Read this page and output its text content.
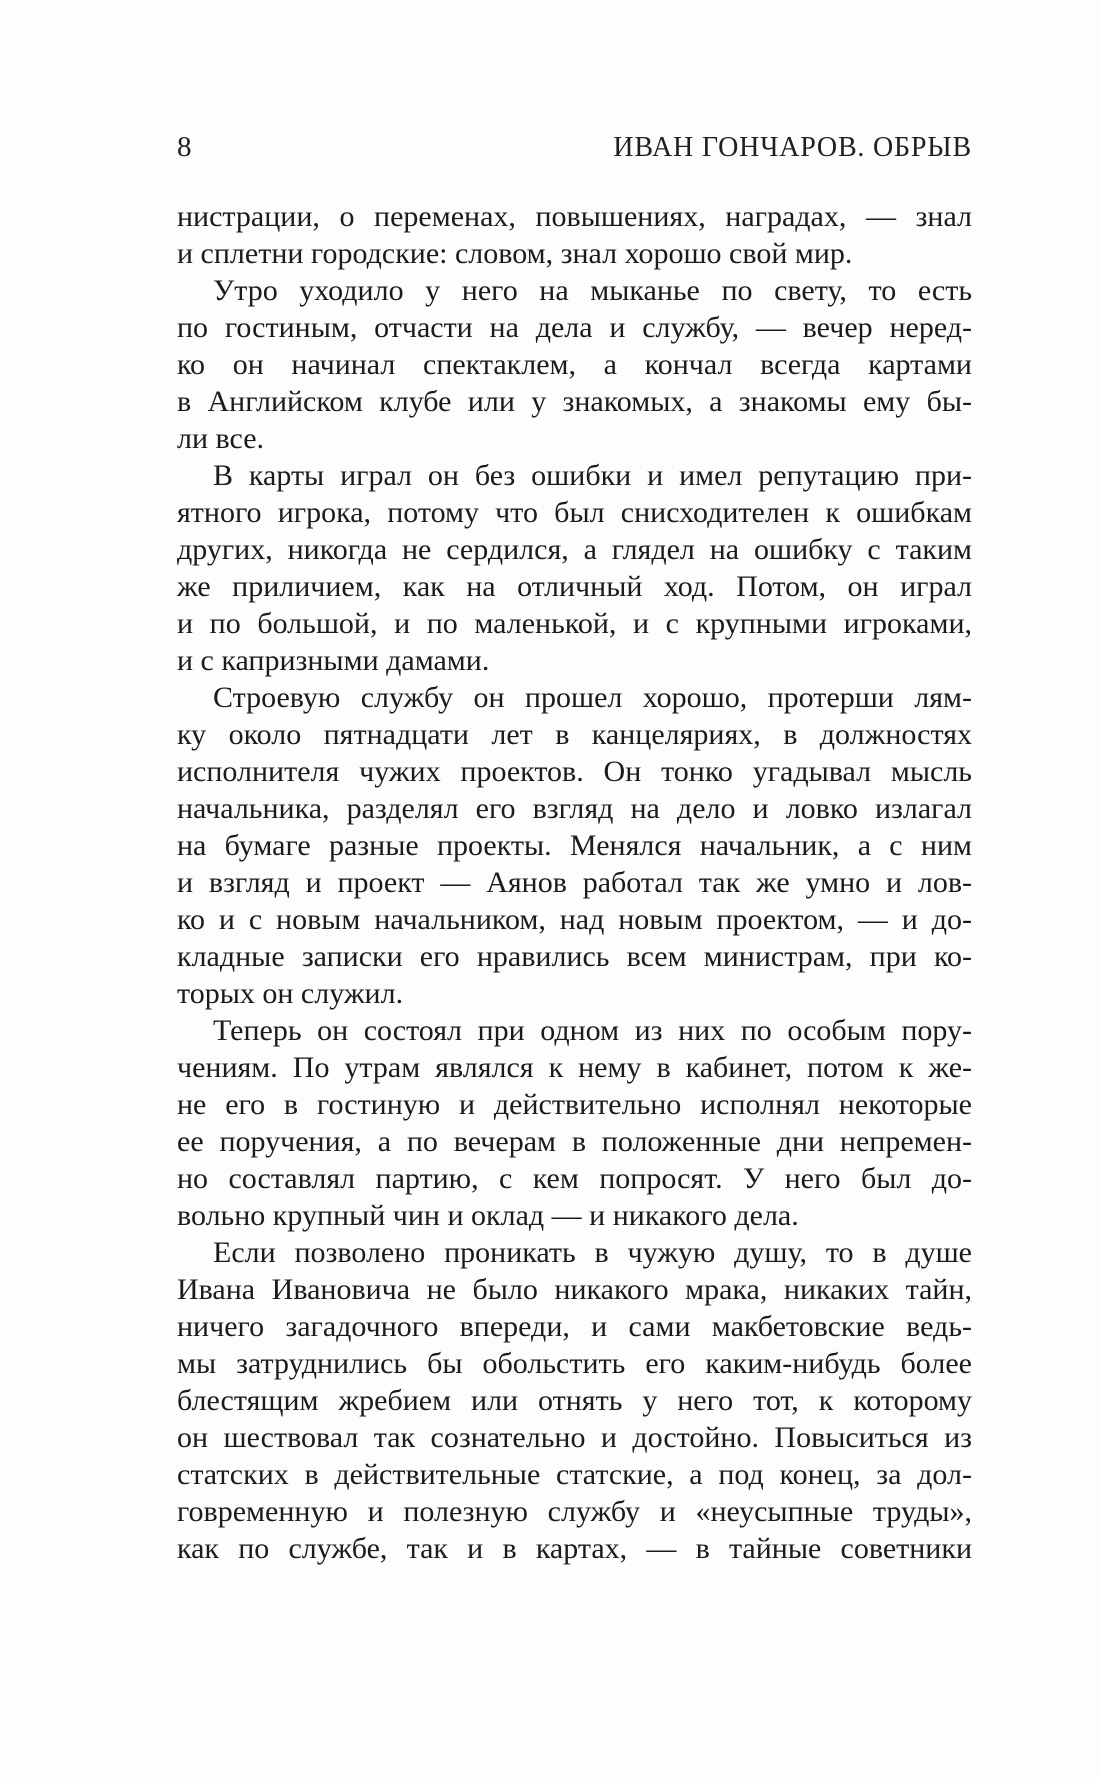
8	ИВАН ГОНЧАРОВ. ОБРЫВ
нистрации, о переменах, повышениях, наградах, — знал
и сплетни городские: словом, знал хорошо свой мир.
Утро уходило у него на мыканье по свету, то есть
по гостиным, отчасти на дела и службу, — вечер неред-
ко он начинал спектаклем, а кончал всегда картами
в Английском клубе или у знакомых, а знакомы ему бы-
ли все.
В карты играл он без ошибки и имел репутацию при-
ятного игрока, потому что был снисходителен к ошибкам
других, никогда не сердился, а глядел на ошибку с таким
же приличием, как на отличный ход. Потом, он играл
и по большой, и по маленькой, и с крупными игроками,
и с капризными дамами.
Строевую службу он прошел хорошо, протерши лям-
ку около пятнадцати лет в канцеляриях, в должностях
исполнителя чужих проектов. Он тонко угадывал мысль
начальника, разделял его взгляд на дело и ловко излагал
на бумаге разные проекты. Менялся начальник, а с ним
и взгляд и проект — Аянов работал так же умно и лов-
ко и с новым начальником, над новым проектом, — и до-
кладные записки его нравились всем министрам, при ко-
торых он служил.
Теперь он состоял при одном из них по особым пору-
чениям. По утрам являлся к нему в кабинет, потом к же-
не его в гостиную и действительно исполнял некоторые
ее поручения, а по вечерам в положенные дни непремен-
но составлял партию, с кем попросят. У него был до-
вольно крупный чин и оклад — и никакого дела.
Если позволено проникать в чужую душу, то в душе
Ивана Ивановича не было никакого мрака, никаких тайн,
ничего загадочного впереди, и сами макбетовские ведь-
мы затруднились бы обольстить его каким-нибудь более
блестящим жребием или отнять у него тот, к которому
он шествовал так сознательно и достойно. Повыситься из
статских в действительные статские, а под конец, за дол-
говременную и полезную службу и «неусыпные труды»,
как по службе, так и в картах, — в тайные советники
